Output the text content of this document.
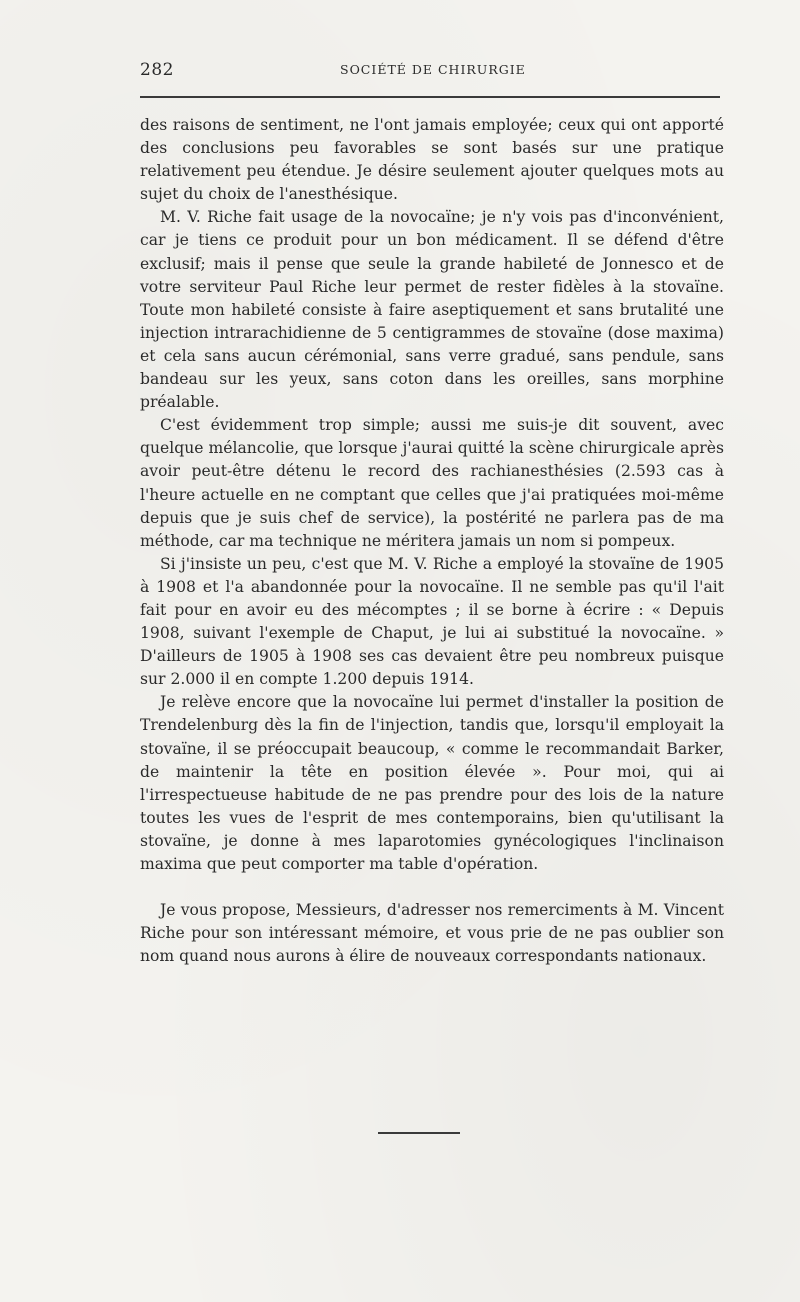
282	SOCIÉTÉ DE CHIRURGIE

des raisons de sentiment, ne l'ont jamais employée; ceux qui ont apporté des conclusions peu favorables se sont basés sur une pratique relativement peu étendue. Je désire seulement ajouter quelques mots au sujet du choix de l'anesthésique.

M. V. Riche fait usage de la novocaïne; je n'y vois pas d'inconvénient, car je tiens ce produit pour un bon médicament. Il se défend d'être exclusif; mais il pense que seule la grande habileté de Jonnesco et de votre serviteur Paul Riche leur permet de rester fidèles à la stovaïne. Toute mon habileté consiste à faire aseptiquement et sans brutalité une injection intrarachidienne de 5 centigrammes de stovaïne (dose maxima) et cela sans aucun cérémonial, sans verre gradué, sans pendule, sans bandeau sur les yeux, sans coton dans les oreilles, sans morphine préalable.

C'est évidemment trop simple; aussi me suis-je dit souvent, avec quelque mélancolie, que lorsque j'aurai quitté la scène chirurgicale après avoir peut-être détenu le record des rachianesthésies (2.593 cas à l'heure actuelle en ne comptant que celles que j'ai pratiquées moi-même depuis que je suis chef de service), la postérité ne parlera pas de ma méthode, car ma technique ne méritera jamais un nom si pompeux.

Si j'insiste un peu, c'est que M. V. Riche a employé la stovaïne de 1905 à 1908 et l'a abandonnée pour la novocaïne. Il ne semble pas qu'il l'ait fait pour en avoir eu des mécomptes ; il se borne à écrire : « Depuis 1908, suivant l'exemple de Chaput, je lui ai substitué la novocaïne. » D'ailleurs de 1905 à 1908 ses cas devaient être peu nombreux puisque sur 2.000 il en compte 1.200 depuis 1914.

Je relève encore que la novocaïne lui permet d'installer la position de Trendelenburg dès la fin de l'injection, tandis que, lorsqu'il employait la stovaïne, il se préoccupait beaucoup, « comme le recommandait Barker, de maintenir la tête en position élevée ». Pour moi, qui ai l'irrespectueuse habitude de ne pas prendre pour des lois de la nature toutes les vues de l'esprit de mes contemporains, bien qu'utilisant la stovaïne, je donne à mes laparotomies gynécologiques l'inclinaison maxima que peut comporter ma table d'opération.

Je vous propose, Messieurs, d'adresser nos remerciments à M. Vincent Riche pour son intéressant mémoire, et vous prie de ne pas oublier son nom quand nous aurons à élire de nouveaux correspondants nationaux.
